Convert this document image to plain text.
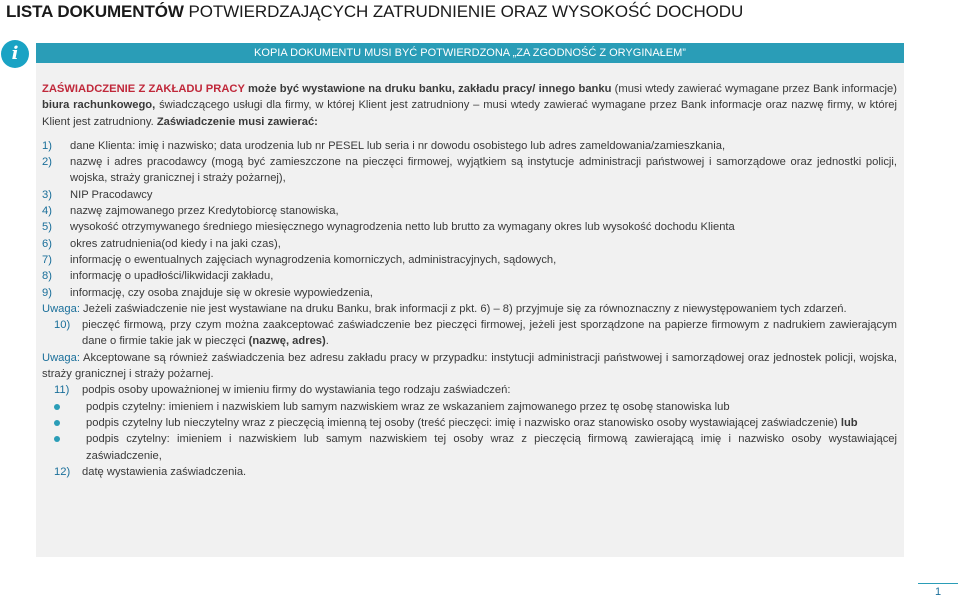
LISTA DOKUMENTÓW POTWIERDZAJĄCYCH ZATRUDNIENIE ORAZ WYSOKOŚĆ DOCHODU
i	KOPIA DOKUMENTU MUSI BYĆ POTWIERDZONA „ZA ZGODNOŚĆ Z ORYGINAŁEM”

ZAŚWIADCZENIE Z ZAKŁADU PRACY może być wystawione na druku banku, zakładu pracy/ innego banku (musi wtedy zawierać wymagane przez Bank informacje) biura rachunkowego, świadczącego usługi dla firmy, w której Klient jest zatrudniony – musi wtedy zawierać wymagane przez Bank informacje oraz nazwę firmy, w której Klient jest zatrudniony. Zaświadczenie musi zawierać:

1)	dane Klienta: imię i nazwisko; data urodzenia lub nr PESEL lub seria i nr dowodu osobistego lub adres zameldowania/zamieszkania,
2)	nazwę i adres pracodawcy (mogą być zamieszczone na pieczęci firmowej, wyjątkiem są instytucje administracji państwowej i samorządowe oraz jednostki policji, wojska, straży granicznej i straży pożarnej),
3)	NIP Pracodawcy
4)	nazwę zajmowanego przez Kredytobiorcę stanowiska,
5)	wysokość otrzymywanego średniego miesięcznego wynagrodzenia netto lub brutto za wymagany okres lub wysokość dochodu Klienta
6)	okres zatrudnienia(od kiedy i na jaki czas),
7)	informację o ewentualnych zajęciach wynagrodzenia komorniczych, administracyjnych, sądowych,
8)	informację o upadłości/likwidacji zakładu,
9)	informację, czy osoba znajduje się w okresie wypowiedzenia,

Uwaga: Jeżeli zaświadczenie nie jest wystawiane na druku Banku, brak informacji z pkt. 6) – 8) przyjmuje się za równoznaczny z niewystępowaniem tych zdarzeń.

10)	pieczęć firmową, przy czym można zaakceptować zaświadczenie bez pieczęci firmowej, jeżeli jest sporządzone na papierze firmowym z nadrukiem zawierającym dane o firmie takie jak w pieczęci (nazwę, adres).

Uwaga: Akceptowane są również zaświadczenia bez adresu zakładu pracy w przypadku: instytucji administracji państwowej i samorządowej oraz jednostek policji, wojska, straży granicznej i straży pożarnej.

11)	podpis osoby upoważnionej w imieniu firmy do wystawiania tego rodzaju zaświadczeń:
podpis czytelny: imieniem i nazwiskiem lub samym nazwiskiem wraz ze wskazaniem zajmowanego przez tę osobę stanowiska lub
podpis czytelny lub nieczytelny wraz z pieczęcią imienną tej osoby (treść pieczęci: imię i nazwisko oraz stanowisko osoby wystawiającej zaświadczenie) lub
podpis czytelny: imieniem i nazwiskiem lub samym nazwiskiem tej osoby wraz z pieczęcią firmową zawierającą imię i nazwisko osoby wystawiającej zaświadczenie,
12)	datę wystawienia zaświadczenia.
1
